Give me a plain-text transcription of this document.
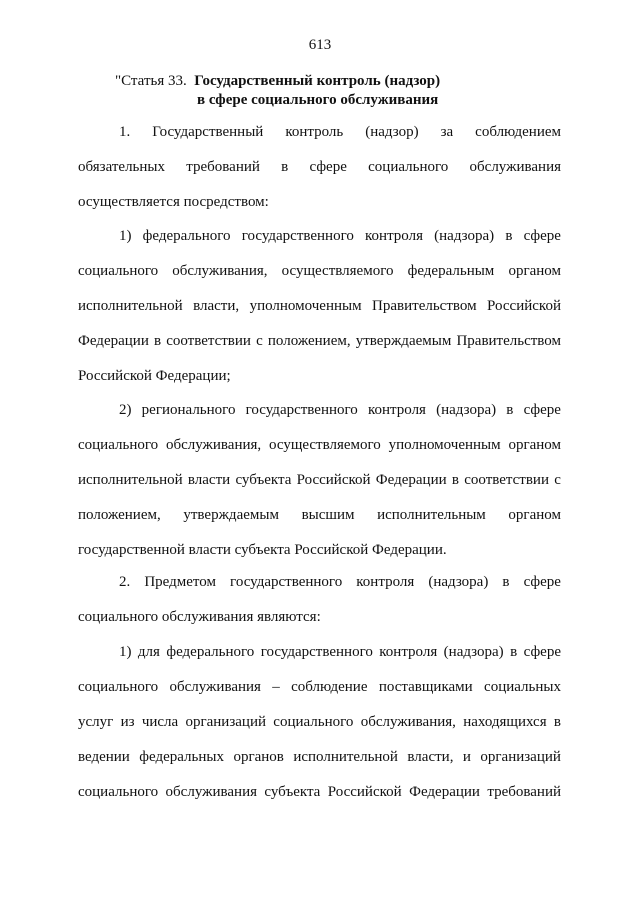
613
"Статья 33. Государственный контроль (надзор)
в сфере социального обслуживания
1. Государственный контроль (надзор) за соблюдением
обязательных требований в сфере социального обслуживания
осуществляется посредством:
1) федерального государственного контроля (надзора) в сфере
социального обслуживания, осуществляемого федеральным органом
исполнительной власти, уполномоченным Правительством Российской
Федерации в соответствии с положением, утверждаемым Правительством
Российской Федерации;
2) регионального государственного контроля (надзора) в сфере
социального обслуживания, осуществляемого уполномоченным органом
исполнительной власти субъекта Российской Федерации в соответствии с
положением, утверждаемым высшим исполнительным органом
государственной власти субъекта Российской Федерации.
2. Предметом государственного контроля (надзора) в сфере
социального обслуживания являются:
1) для федерального государственного контроля (надзора) в сфере
социального обслуживания – соблюдение поставщиками социальных
услуг из числа организаций социального обслуживания, находящихся в
ведении федеральных органов исполнительной власти, и организаций
социального обслуживания субъекта Российской Федерации требований
